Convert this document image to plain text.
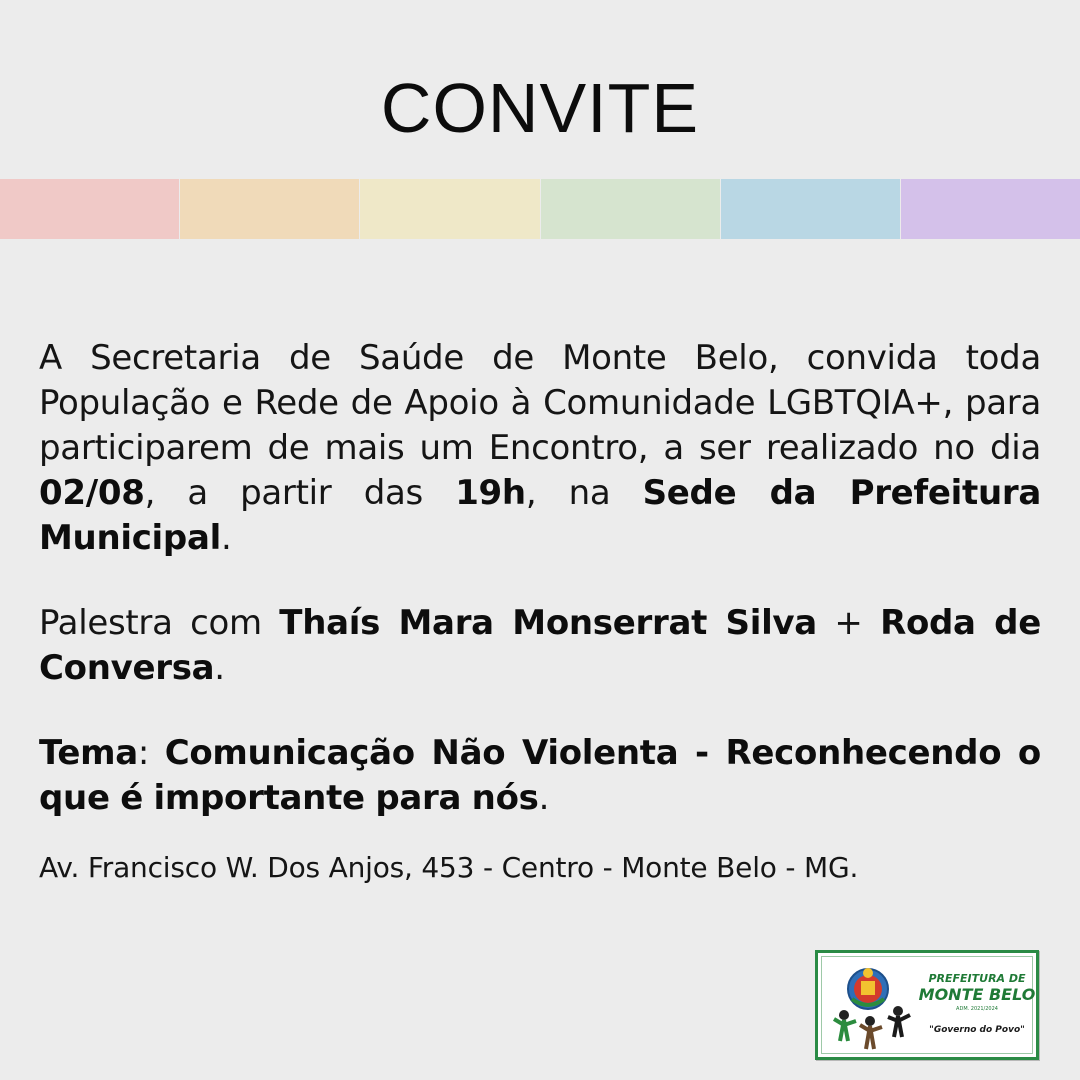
CONVITE

A Secretaria de Saúde de Monte Belo, convida toda População e Rede de Apoio à Comunidade LGBTQIA+, para participarem de mais um Encontro, a ser realizado no dia 02/08, a partir das 19h, na Sede da Prefeitura Municipal.

Palestra com Thaís Mara Monserrat Silva + Roda de Conversa.

Tema: Comunicação Não Violenta - Reconhecendo o que é importante para nós.

Av. Francisco W. Dos Anjos, 453 - Centro - Monte Belo - MG.

PREFEITURA DE
MONTE BELO
ADM. 2021/2024
"Governo do Povo"
